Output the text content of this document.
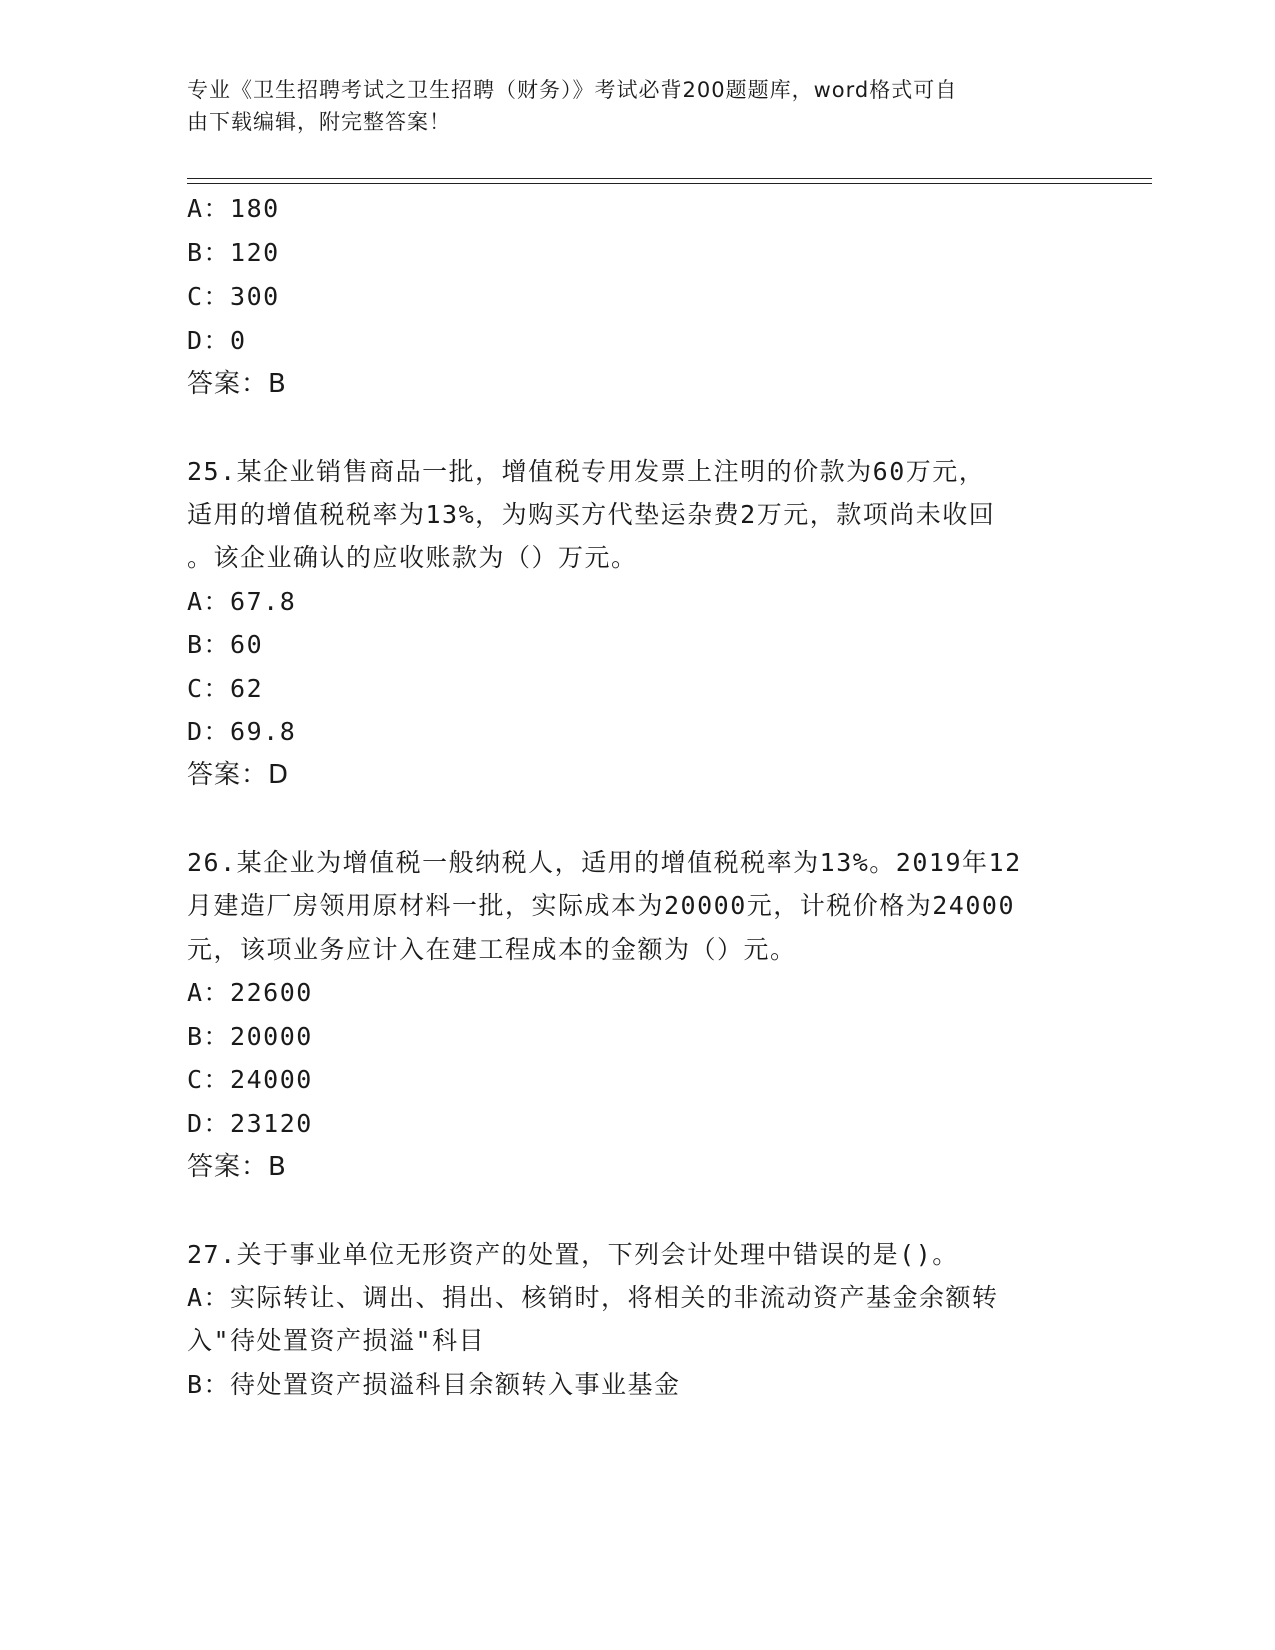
专业《卫生招聘考试之卫生招聘（财务）》考试必背200题题库，word格式可自
由下载编辑，附完整答案！
A：180
B：120
C：300
D：0
答案：B
25.某企业销售商品一批，增值税专用发票上注明的价款为60万元，
适用的增值税税率为13%，为购买方代垫运杂费2万元，款项尚未收回
。该企业确认的应收账款为（）万元。
A：67.8
B：60
C：62
D：69.8
答案：D
26.某企业为增值税一般纳税人，适用的增值税税率为13%。2019年12
月建造厂房领用原材料一批，实际成本为20000元，计税价格为24000
元，该项业务应计入在建工程成本的金额为（）元。
A：22600
B：20000
C：24000
D：23120
答案：B
27.关于事业单位无形资产的处置，下列会计处理中错误的是()。
A：实际转让、调出、捐出、核销时，将相关的非流动资产基金余额转
入"待处置资产损溢"科目
B：待处置资产损溢科目余额转入事业基金
